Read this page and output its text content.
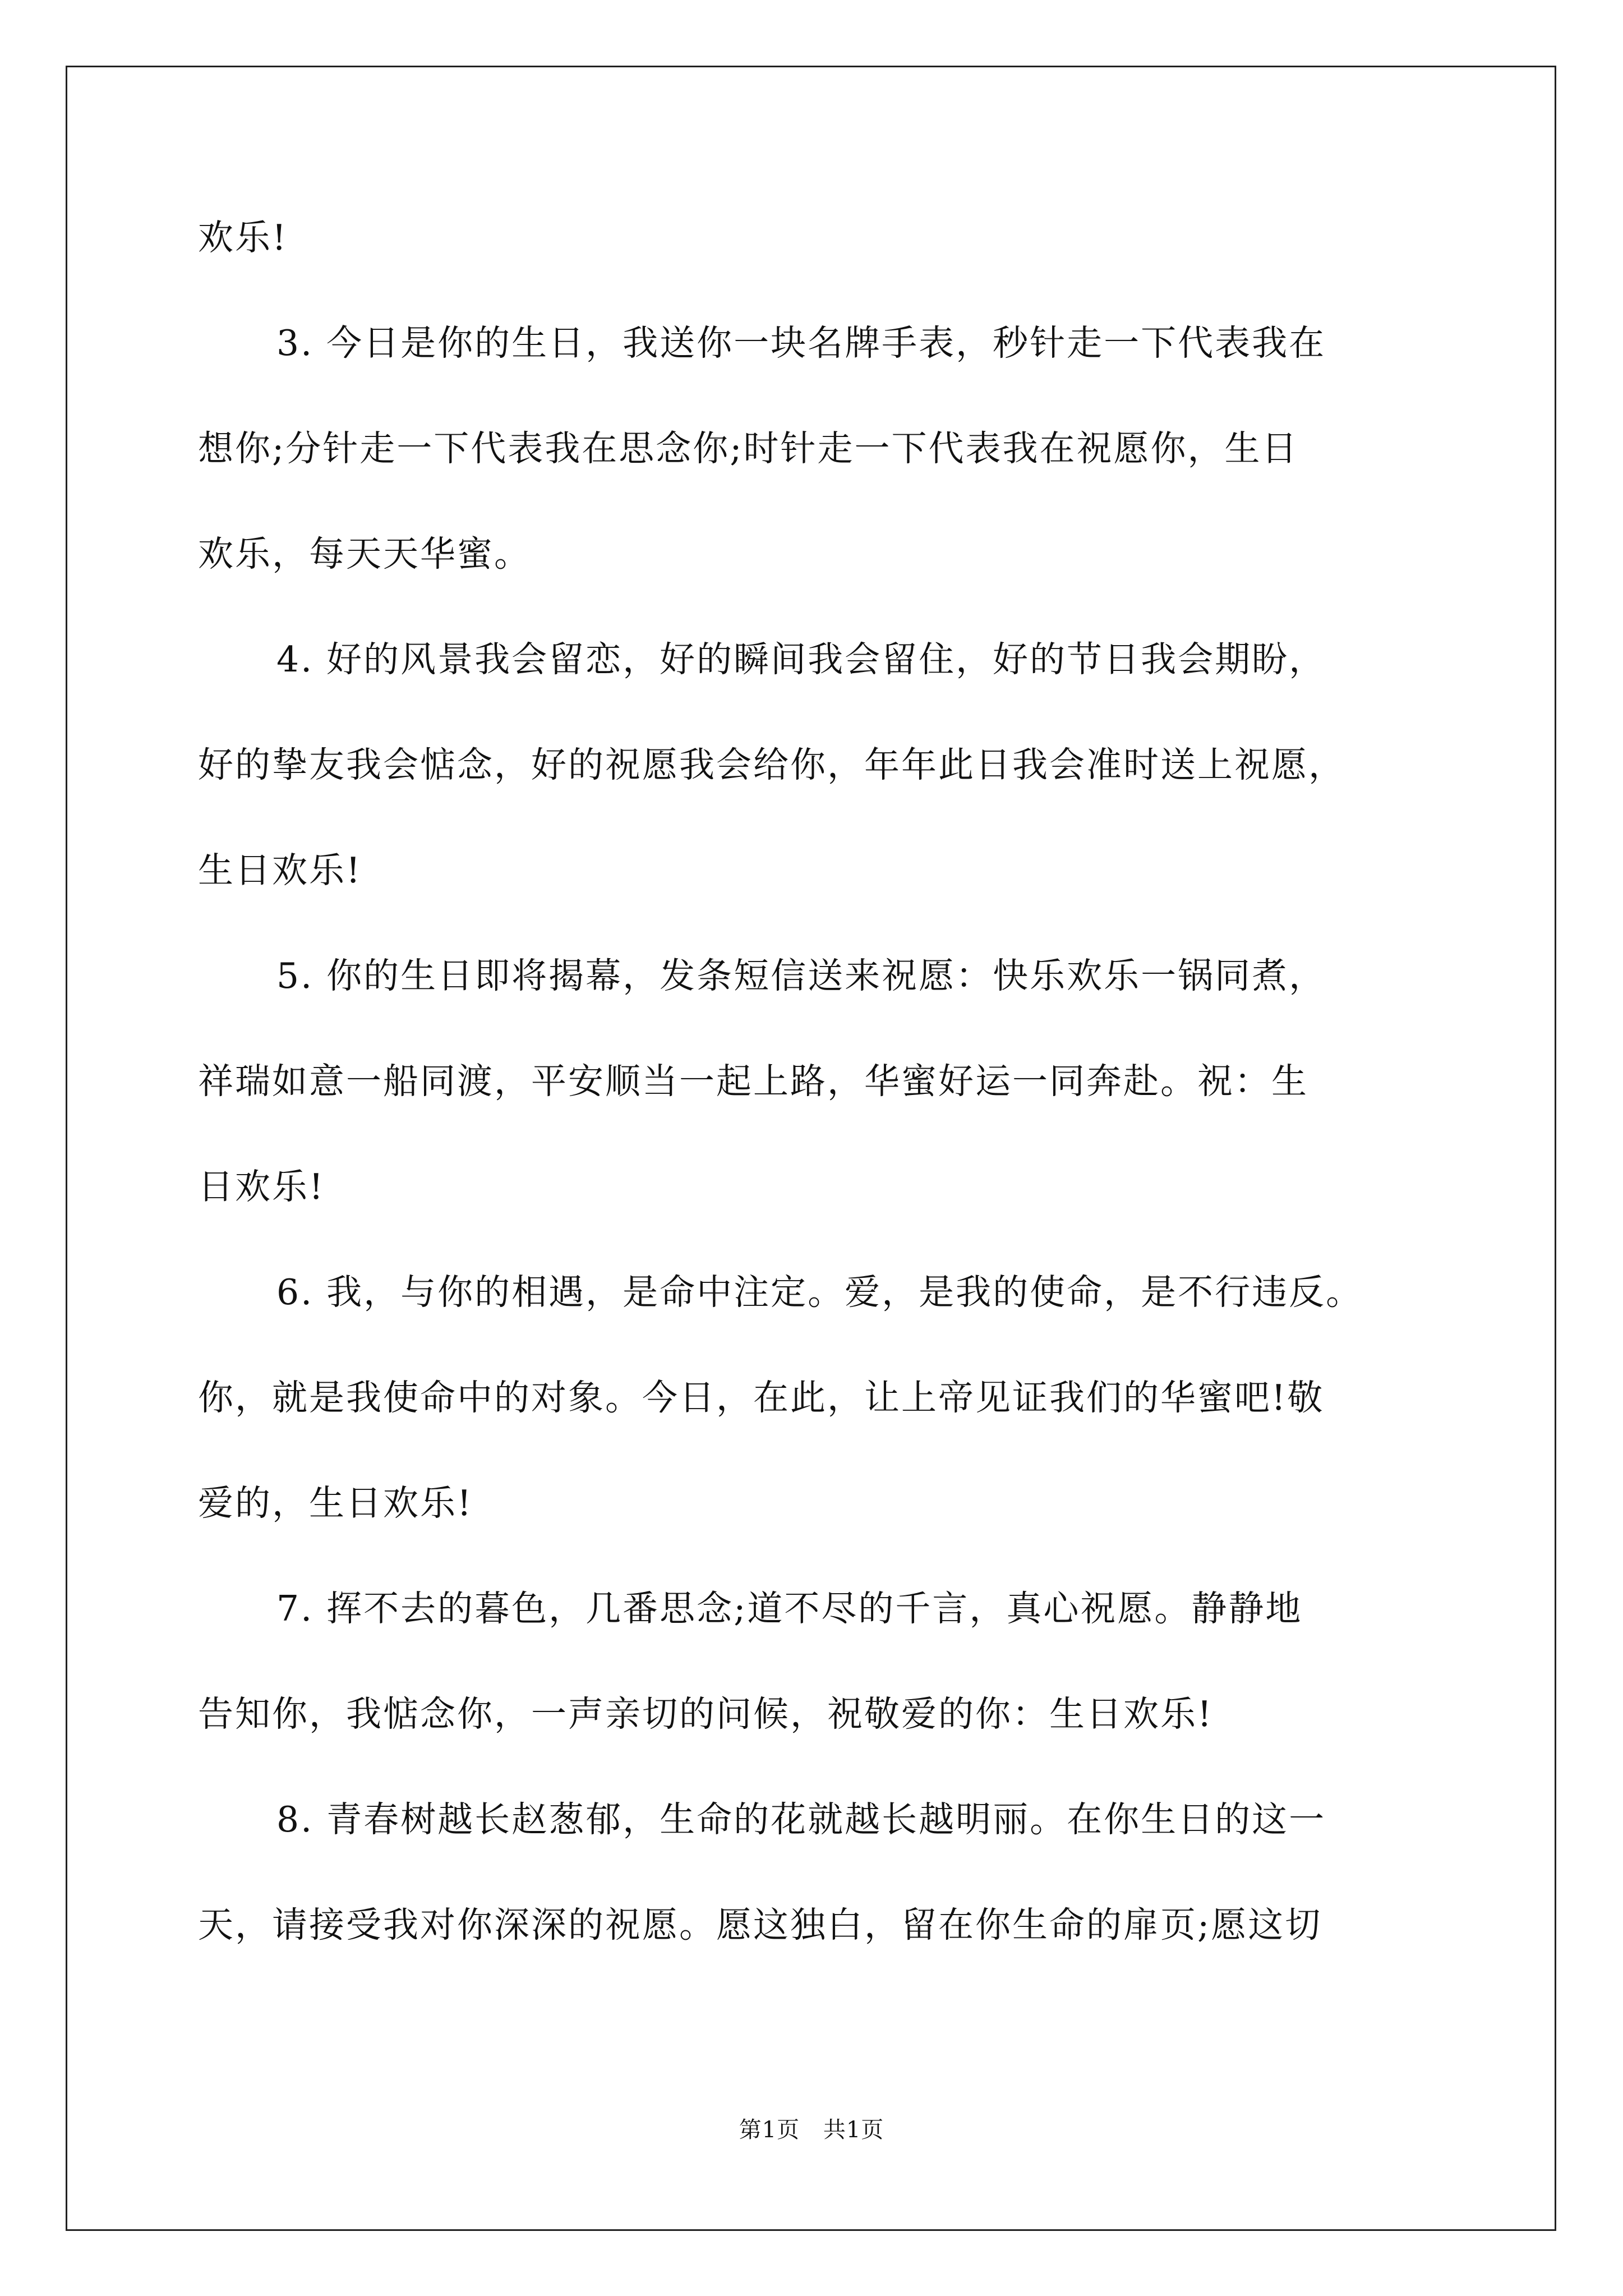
欢乐!
3. 今日是你的生日，我送你一块名牌手表，秒针走一下代表我在
想你;分针走一下代表我在思念你;时针走一下代表我在祝愿你，生日
欢乐，每天天华蜜。
4. 好的风景我会留恋，好的瞬间我会留住，好的节日我会期盼，
好的挚友我会惦念，好的祝愿我会给你，年年此日我会准时送上祝愿，
生日欢乐!
5. 你的生日即将揭幕，发条短信送来祝愿：快乐欢乐一锅同煮，
祥瑞如意一船同渡，平安顺当一起上路，华蜜好运一同奔赴。祝：生
日欢乐!
6. 我，与你的相遇，是命中注定。爱，是我的使命，是不行违反。
你，就是我使命中的对象。今日，在此，让上帝见证我们的华蜜吧!敬
爱的，生日欢乐!
7. 挥不去的暮色，几番思念;道不尽的千言，真心祝愿。静静地
告知你，我惦念你，一声亲切的问候，祝敬爱的你：生日欢乐!
8. 青春树越长赵葱郁，生命的花就越长越明丽。在你生日的这一
天，请接受我对你深深的祝愿。愿这独白，留在你生命的扉页;愿这切
第1页 共1页
